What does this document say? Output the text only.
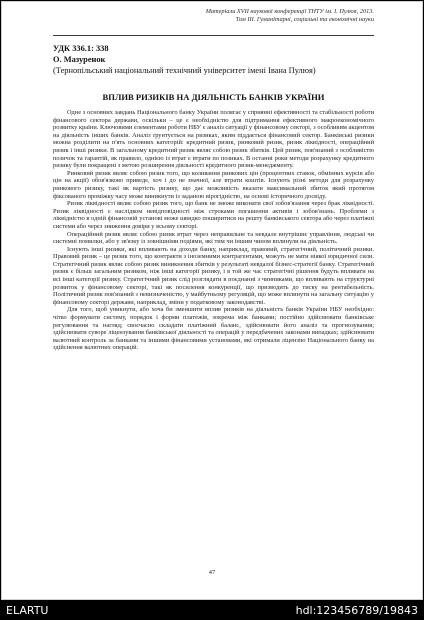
Матеріали XVІІ наукової конференції ТНТУ ім. І. Пулюя, 2013.
Том ІІІ. Гуманітарні, соціальні та економічні науки
УДК 336.1: 338
О. Мазуренок
(Тернопільський національний технічний університет імені Івана Пулюя)
ВПЛИВ РИЗИКІВ НА ДІЯЛЬНІСТЬ БАНКІВ УКРАЇНИ

Одне з основних завдань Національного банку України полягає у сприянні ефективності та стабільності роботи фінансового сектора держави, оскільки – це є необхідністю для підтримання ефективного макроекономічного розвитку країни. Ключовими елементами роботи НБУ є аналіз ситуації у фінансовому секторі, з особливим акцентом на діяльність інших банків. Аналіз ґрунтується на ризиках, яким піддається фінансовий сектор. Банківські ризики можна розділити на п'ять основних категорій: кредитний ризик, ринковий ризик, ризик ліквідності, операційний ризик і інші ризики. В загальному кредитний ризик являє собою ризик збитків. Цей ризик, пов'язаний з особливістю позичок та гарантій, як правило, однією із втрат є втрати по позиках. В останні роки методи розрахунку кредитного ризику були покращені з метою розширення діяльності кредитного ризик-менеджменту.

Ринковий ризик являє собою ризик того, що коливання ринкових цін (процентних ставок, обмінних курсів або цін на акції) обов'язково приведе, хоч і до не значної, але втрати коштів. Існують різні методи для розрахунку ринкового ризику, такі як вартість ризику, що дає можливість вказати максимальний збиток який протягом фіксованого проміжку часу може виникнути із заданою вірогідністю, на основі історичного досвіду.

Ризик ліквідності являє собою ризик того, що банк не зможе виконати свої зобов'язання через брак ліквідності. Ризик ліквідності є наслідком невідповідності між строками погашення активів і зобов'язань. Проблеми з ліквідністю в одній фінансовій установі може швидко поширитися на решту банківського сектора або через платіжні системи або через зниження довіри у всьому секторі.

Операційний ризик являє собою ризик втрат через неправильне та невдале внутрішнє управління, людські чи системні помилки, або у зв'язку із зовнішніми подіями, які тим чи іншим чином вплинули на діяльність.

Існують інші ризики, які впливають на доходи банку, наприклад, правовий, стратегічний, політичний ризики. Правовий ризик – це ризик того, що контракти з іноземними контрагентами, можуть не мати ніякої юридичної сили. Стратегічний ризик являє собою ризик виникнення збитків у результаті невдалої бізнес-стратегії банку. Стратегічний ризик є більш загальним ризиком, ніж інші категорії ризику, і в той же час стратегічні рішення будуть впливати на всі інші категорії ризику. Стратегічний ризик слід розглядати в поєднанні з чинниками, що впливають на структурні розвиток у фінансовому секторі, такі як посилення конкуренції, що призводить до тиску на рентабельність. Політичний ризик пов'язаний з невизначеністю, у майбутньому регуляцій, що може вплинути на загальну ситуацію у фінансовому секторі держави, наприклад, зміни у податковому законодавстві.

Для того, щоб уникнути, або хоча би зменшити вплив ризиків на діяльність банків України НБУ необхідно: чітко формувати систему, порядок і форми платежів, зокрема між банками; постійно здійснювати банківське регулювання та нагляд; своєчасно складати платіжний баланс, здійснювати його аналіз та прогнозування; здійснювати суворе ліцензування банківської діяльності та операцій у передбачених законами випадках; здійснювати валютний контроль за банками та іншими фінансовими установами, які отримали ліцензію Національного банку на здійснення валютних операцій.

47
ELARTU	hdl:123456789/19843
